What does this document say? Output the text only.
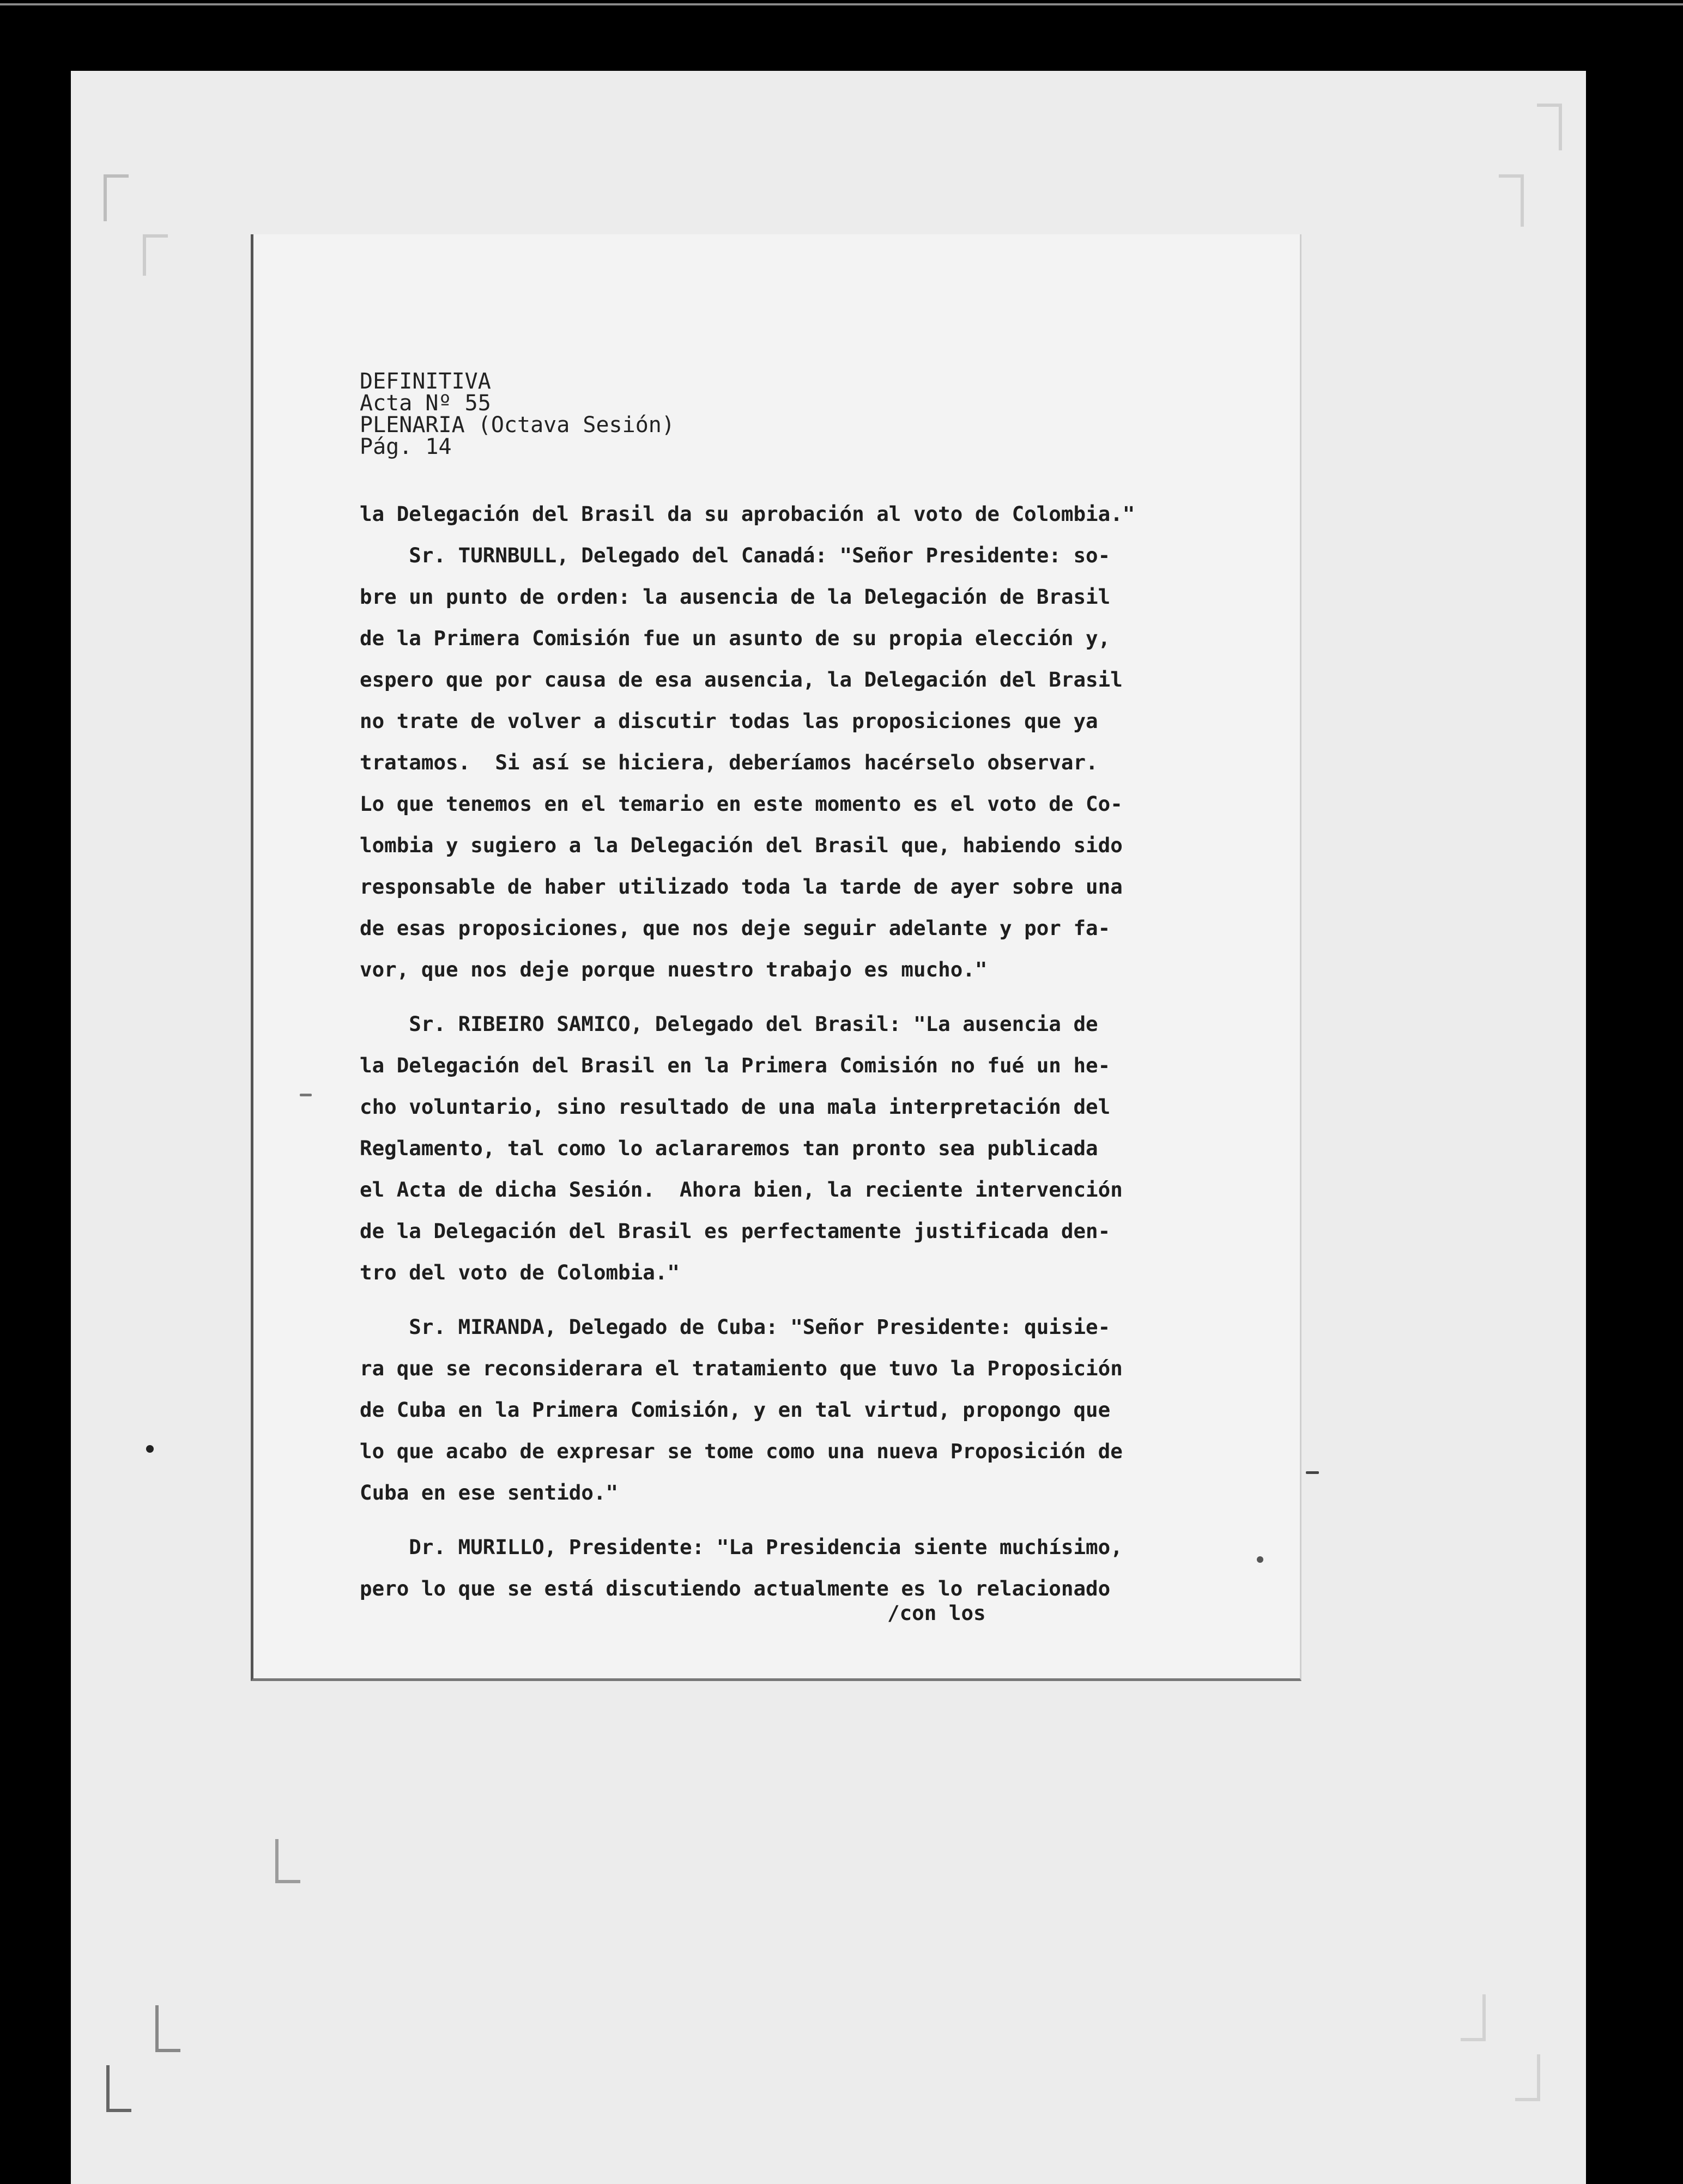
DEFINITIVA
Acta Nº 55
PLENARIA (Octava Sesión)
Pág. 14
la Delegación del Brasil da su aprobación al voto de Colombia."
Sr. TURNBULL, Delegado del Canadá: "Señor Presidente: so-
bre un punto de orden: la ausencia de la Delegación de Brasil
de la Primera Comisión fue un asunto de su propia elección y,
espero que por causa de esa ausencia, la Delegación del Brasil
no trate de volver a discutir todas las proposiciones que ya
tratamos.  Si así se hiciera, deberíamos hacérselo observar.
Lo que tenemos en el temario en este momento es el voto de Co-
lombia y sugiero a la Delegación del Brasil que, habiendo sido
responsable de haber utilizado toda la tarde de ayer sobre una
de esas proposiciones, que nos deje seguir adelante y por fa-
vor, que nos deje porque nuestro trabajo es mucho."
Sr. RIBEIRO SAMICO, Delegado del Brasil: "La ausencia de
la Delegación del Brasil en la Primera Comisión no fué un he-
cho voluntario, sino resultado de una mala interpretación del
Reglamento, tal como lo aclararemos tan pronto sea publicada
el Acta de dicha Sesión.  Ahora bien, la reciente intervención
de la Delegación del Brasil es perfectamente justificada den-
tro del voto de Colombia."
Sr. MIRANDA, Delegado de Cuba: "Señor Presidente: quisie-
ra que se reconsiderara el tratamiento que tuvo la Proposición
de Cuba en la Primera Comisión, y en tal virtud, propongo que
lo que acabo de expresar se tome como una nueva Proposición de
Cuba en ese sentido."
Dr. MURILLO, Presidente: "La Presidencia siente muchísimo,
pero lo que se está discutiendo actualmente es lo relacionado
/con los
